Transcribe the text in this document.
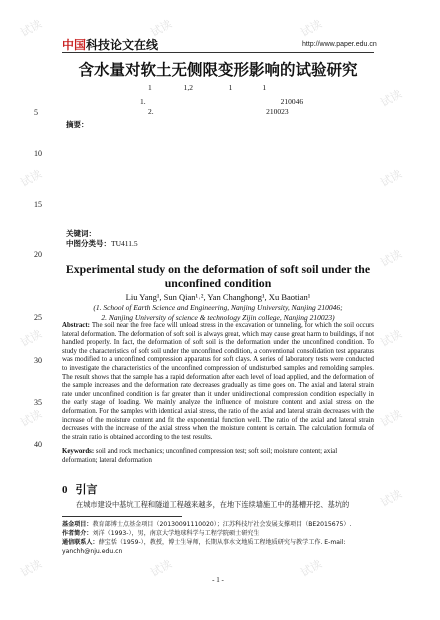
试读	试读	试读
试读
试读	试读
试读	试读
试读
试读	试读
试读	试读
试读
试读
中国科技论文在线	http://www.paper.edu.cn
含水量对软土无侧限变形影响的试验研究
1                 1,2                   1                1
1.                                                                        210046
2.                                                            210023
5
10
15
20
25
30
35
40
摘要：
关键词：
中图分类号：TU411.5
Experimental study on the deformation of soft soil under the unconfined condition
Liu Yang¹, Sun Qian¹˒², Yan Changhong¹, Xu Baotian¹
(1. School of Earth Science and Engineering, Nanjing University, Nanjing 210046;
2. Nanjing University of science & technology Zijin college, Nanjing 210023)
Abstract: The soil near the free face will unload stress in the excavation or tunneling, for which the soil occurs lateral deformation. The deformation of soft soil is always great, which may cause great harm to buildings, if not handled properly. In fact, the deformation of soft soil is the deformation under the unconfined condition. To study the characteristics of soft soil under the unconfined condition, a conventional consolidation test apparatus was modified to a unconfined compression apparatus for soft clays. A series of laboratory tests were conducted to investigate the characteristics of the unconfined compression of undisturbed samples and remolding samples. The result shows that the sample has a rapid deformation after each level of load applied, and the deformation of the sample increases and the deformation rate decreases gradually as time goes on. The axial and lateral strain rate under unconfined condition is far greater than it under unidirectional compression condition especially in the early stage of loading. We mainly analyze the influence of moisture content and axial stress on the deformation. For the samples with identical axial stress, the ratio of the axial and lateral strain decreases with the increase of the moisture content and fit the exponential function well. The ratio of the axial and lateral strain decreases with the increase of the axial stress when the moisture content is certain. The calculation formula of the strain ratio is obtained according to the test results.
Keywords: soil and rock mechanics; unconfined compression test; soft soil; moisture content; axial deformation; lateral deformation
0 引言
在城市建设中基坑工程和隧道工程越来越多，在地下连续墙施工中的基槽开挖、基坑的
基金项目：教育部博士点基金项目（20130091110020）；江苏科技厅社会发展支撑项目（BE2015675）.
作者简介：刘洋（1993-），男，南京大学地球科学与工程学院硕士研究生
通信联系人：薛宝恬（1959-），教授，博士生导师，长期从事水文地质工程地质研究与教学工作. E-mail: yanchh@nju.edu.cn
- 1 -
